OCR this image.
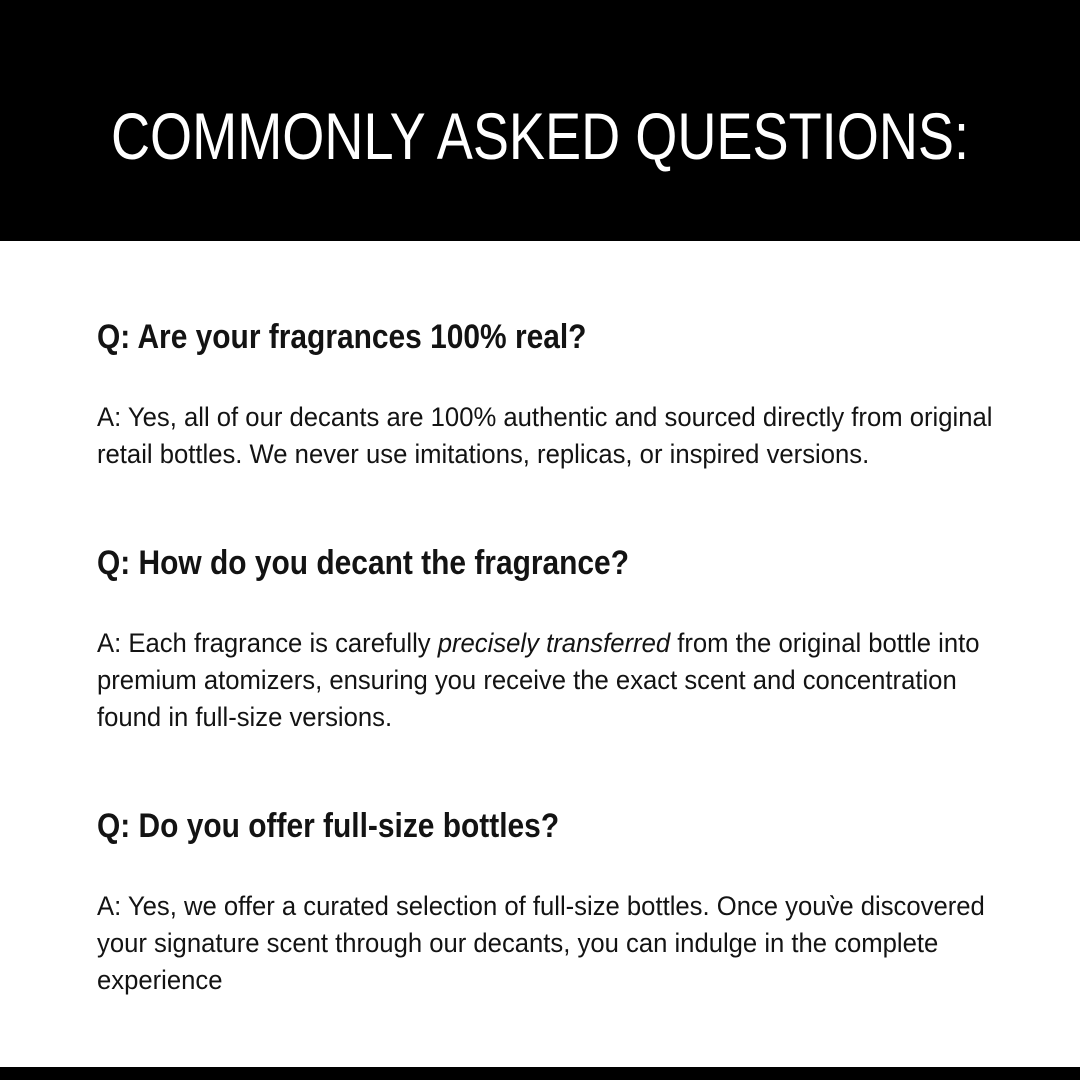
COMMONLY ASKED QUESTIONS:
Q: Are your fragrances 100% real?

A: Yes, all of our decants are 100% authentic and sourced directly from original retail bottles. We never use imitations, replicas, or inspired versions.

Q: How do you decant the fragrance?

A: Each fragrance is carefully precisely transferred from the original bottle into premium atomizers, ensuring you receive the exact scent and concentration found in full-size versions.

Q: Do you offer full-size bottles?

A: Yes, we offer a curated selection of full-size bottles. Once youv̀e discovered your signature scent through our decants, you can indulge in the complete experience
